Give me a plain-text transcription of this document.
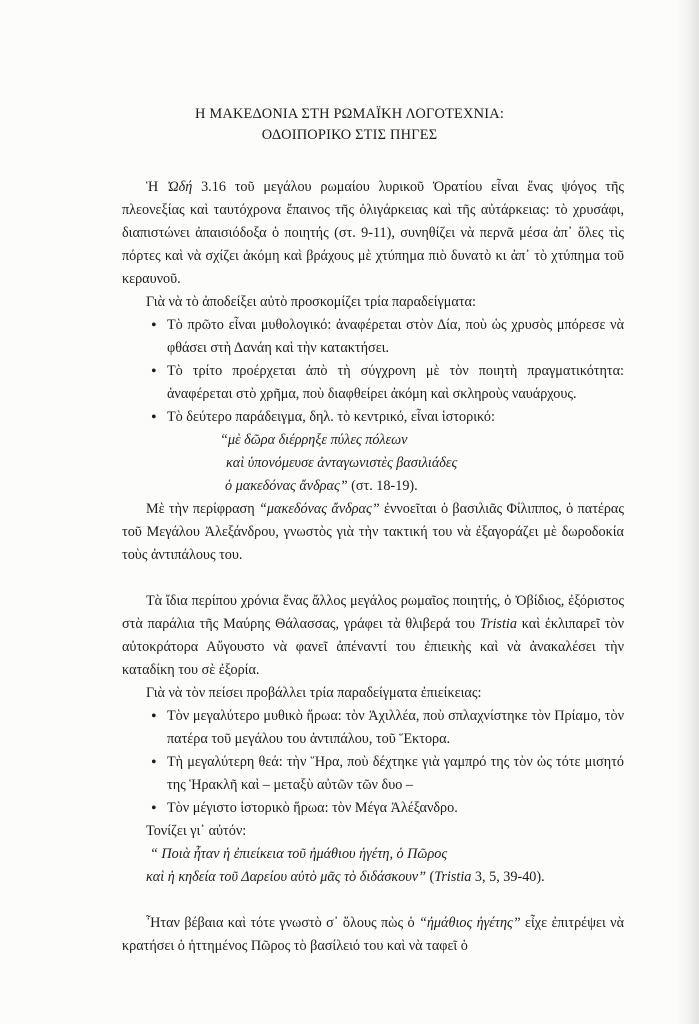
Η ΜΑΚΕΔΟΝΙΑ ΣΤΗ ΡΩΜΑΪΚΗ ΛΟΓΟΤΕΧΝΙΑ:
ΟΔΟΙΠΟΡΙΚΟ ΣΤΙΣ ΠΗΓΕΣ

Ἡ Ὠδή 3.16 τοῦ μεγάλου ρωμαίου λυρικοῦ Ὁρατίου εἶναι ἕνας ψόγος τῆς πλεονεξίας καὶ ταυτόχρονα ἔπαινος τῆς ὀλιγάρκειας καὶ τῆς αὐτάρκειας: τὸ χρυσάφι, διαπιστώνει ἀπαισιόδοξα ὁ ποιητής (στ. 9-11), συνηθίζει νὰ περνᾶ μέσα ἀπ᾽ ὅλες τὶς πόρτες καὶ νὰ σχίζει ἀκόμη καὶ βράχους μὲ χτύπημα πιὸ δυνατὸ κι ἀπ᾽ τὸ χτύπημα τοῦ κεραυνοῦ.

Γιὰ νὰ τὸ ἀποδείξει αὐτὸ προσκομίζει τρία παραδείγματα:

• Τὸ πρῶτο εἶναι μυθολογικό: ἀναφέρεται στὸν Δία, ποὺ ὡς χρυσὸς μπόρεσε νὰ φθάσει στὴ Δανάη καὶ τὴν κατακτήσει.
• Τὸ τρίτο προέρχεται ἀπὸ τὴ σύγχρονη μὲ τὸν ποιητὴ πραγματικότητα: ἀναφέρεται στὸ χρῆμα, ποὺ διαφθείρει ἀκόμη καὶ σκληροὺς ναυάρχους.
• Τὸ δεύτερο παράδειγμα, δηλ. τὸ κεντρικό, εἶναι ἱστορικό:
“μὲ δῶρα διέρρηξε πύλες πόλεων
καὶ ὑπονόμευσε ἀνταγωνιστὲς βασιλιάδες
ὁ μακεδόνας ἄνδρας” (στ. 18-19).

Μὲ τὴν περίφραση “μακεδόνας ἄνδρας” ἐννοεῖται ὁ βασιλιᾶς Φίλιππος, ὁ πατέρας τοῦ Μεγάλου Ἀλεξάνδρου, γνωστὸς γιὰ τὴν τακτική του νὰ ἐξαγοράζει μὲ δωροδοκία τοὺς ἀντιπάλους του.

Τὰ ἴδια περίπου χρόνια ἕνας ἄλλος μεγάλος ρωμαῖος ποιητής, ὁ Ὀβίδιος, ἐξόριστος στὰ παράλια τῆς Μαύρης Θάλασσας, γράφει τὰ θλιβερά του Tristia καὶ ἐκλιπαρεῖ τὸν αὐτοκράτορα Αὔγουστο νὰ φανεῖ ἀπέναντί του ἐπιεικὴς καὶ νὰ ἀνακαλέσει τὴν καταδίκη του σὲ ἐξορία.

Γιὰ νὰ τὸν πείσει προβάλλει τρία παραδείγματα ἐπιείκειας:

• Τὸν μεγαλύτερο μυθικὸ ἥρωα: τὸν Ἀχιλλέα, ποὺ σπλαχνίστηκε τὸν Πρίαμο, τὸν πατέρα τοῦ μεγάλου του ἀντιπάλου, τοῦ Ἕκτορα.
• Τὴ μεγαλύτερη θεά: τὴν Ἥρα, ποὺ δέχτηκε γιὰ γαμπρό της τὸν ὡς τότε μισητό της Ἡρακλῆ καὶ – μεταξὺ αὐτῶν τῶν δυο –
• Τὸν μέγιστο ἱστορικὸ ἥρωα: τὸν Μέγα Ἀλέξανδρο.

Τονίζει γι᾽ αὐτόν:

“ Ποιὰ ἦταν ἡ ἐπιείκεια τοῦ ἠμάθιου ἡγέτη, ὁ Πῶρος
καὶ ἡ κηδεία τοῦ Δαρείου αὐτὸ μᾶς τὸ διδάσκουν” (Tristia 3, 5, 39-40).

Ἦταν βέβαια καὶ τότε γνωστὸ σ᾽ ὅλους πὼς ὁ “ἠμάθιος ἡγέτης” εἶχε ἐπιτρέψει νὰ κρατήσει ὁ ἡττημένος Πῶρος τὸ βασίλειό του καὶ νὰ ταφεῖ ὁ
